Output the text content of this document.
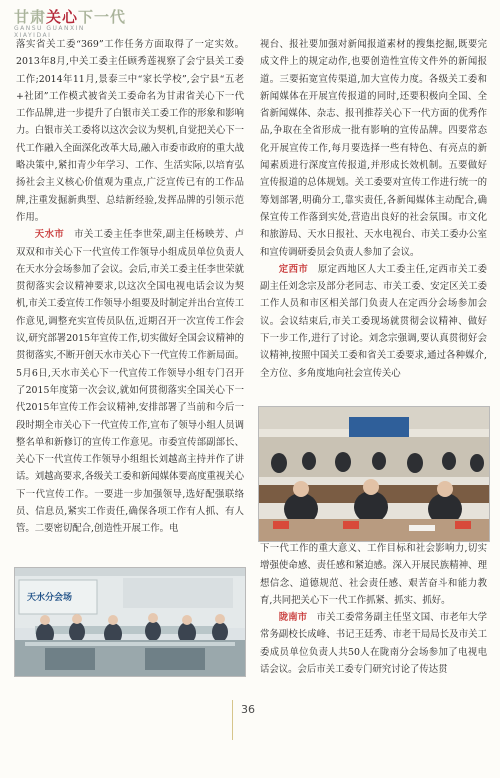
甘肃关心下一代
GANSU GUANXIN
XIAYIDAI

落实省关工委“369”工作任务方面取得了一定实效。2013年8月,中关工委主任顾秀莲视察了会宁县关工委工作;2014年11月,景泰三中“家长学校”,会宁县“五老+社团”工作模式被省关工委命名为甘肃省关心下一代工作品牌,进一步提升了白银市关工委工作的形象和影响力。白银市关工委将以这次会议为契机,自觉把关心下一代工作融入全面深化改革大局,融入市委市政府的重大战略决策中,紧扣青少年学习、工作、生活实际,以培育弘扬社会主义核心价值观为重点,广泛宣传已有的工作品牌,注重发掘新典型、总结新经验,发挥品牌的引领示范作用。

天水市　 市关工委主任李世荣,副主任杨映芳、卢双双和市关心下一代宣传工作领导小组成员单位负责人在天水分会场参加了会议。会后,市关工委主任李世荣就贯彻落实会议精神要求,以这次全国电视电话会议为契机,市关工委宣传工作领导小组要及时制定并出台宣传工作意见,调整充实宣传员队伍,近期召开一次宣传工作会议,研究部署2015年宣传工作,切实做好全国会议精神的贯彻落实,不断开创天水市关心下一代宣传工作新局面。5月6日,天水市关心下一代宣传工作领导小组专门召开了2015年度第一次会议,就如何贯彻落实全国关心下一代2015年宣传工作会议精神,安排部署了当前和今后一段时期全市关心下一代宣传工作,宣布了领导小组人员调整名单和新修订的宣传工作意见。市委宣传部副部长、关心下一代宣传工作领导小组组长刘越高主持并作了讲话。刘越高要求,各级关工委和新闻媒体要高度重视关心下一代宣传工作。一要进一步加强领导,选好配强联络员、信息员,紧实工作责任,确保各项工作有人抓、有人管。二要密切配合,创造性开展工作。电

天水分会场

视台、报社要加强对新闻报道素材的搜集挖掘,既要完成文件上的规定动作,也要创造性宣传文件外的新闻报道。三要拓宽宣传渠道,加大宣传力度。各级关工委和新闻媒体在开展宣传报道的同时,还要积极向全国、全省新闻媒体、杂志、报刊推荐关心下一代方面的优秀作品,争取在全省形成一批有影响的宣传品牌。四要常态化开展宣传工作,每月要选择一些有特色、有亮点的新闻素质进行深度宣传报道,并形成长效机制。五要做好宣传报道的总体规划。关工委要对宣传工作进行统一的筹划部署,明确分工,靠实责任,各新闻媒体主动配合,确保宣传工作落到实处,营造出良好的社会氛围。市文化和旅游局、天水日报社、天水电视台、市关工委办公室和宣传调研委员会负责人参加了会议。

定西市　 原定西地区人大工委主任,定西市关工委副主任刘念宗及部分老同志、市关工委、安定区关工委工作人员和市区相关部门负责人在定西分会场参加会议。会议结束后,市关工委现场就贯彻会议精神、做好下一步工作,进行了讨论。刘念宗强调,要认真贯彻好会议精神,按照中国关工委和省关工委要求,通过各种媒介,全方位、多角度地向社会宣传关心

下一代工作的重大意义、工作目标和社会影响力,切实增强使命感、责任感和紧迫感。深入开展民族精神、理想信念、道德规范、社会责任感、艰苦奋斗和能力教育,共同把关心下一代工作抓紧、抓实、抓好。

陇南市　 市关工委常务副主任坚文国、市老年大学常务副校长成峰、书记王廷秀、市老干局局长及市关工委成员单位负责人共50人在陇南分会场参加了电视电话会议。会后市关工委专门研究讨论了传达贯

36
